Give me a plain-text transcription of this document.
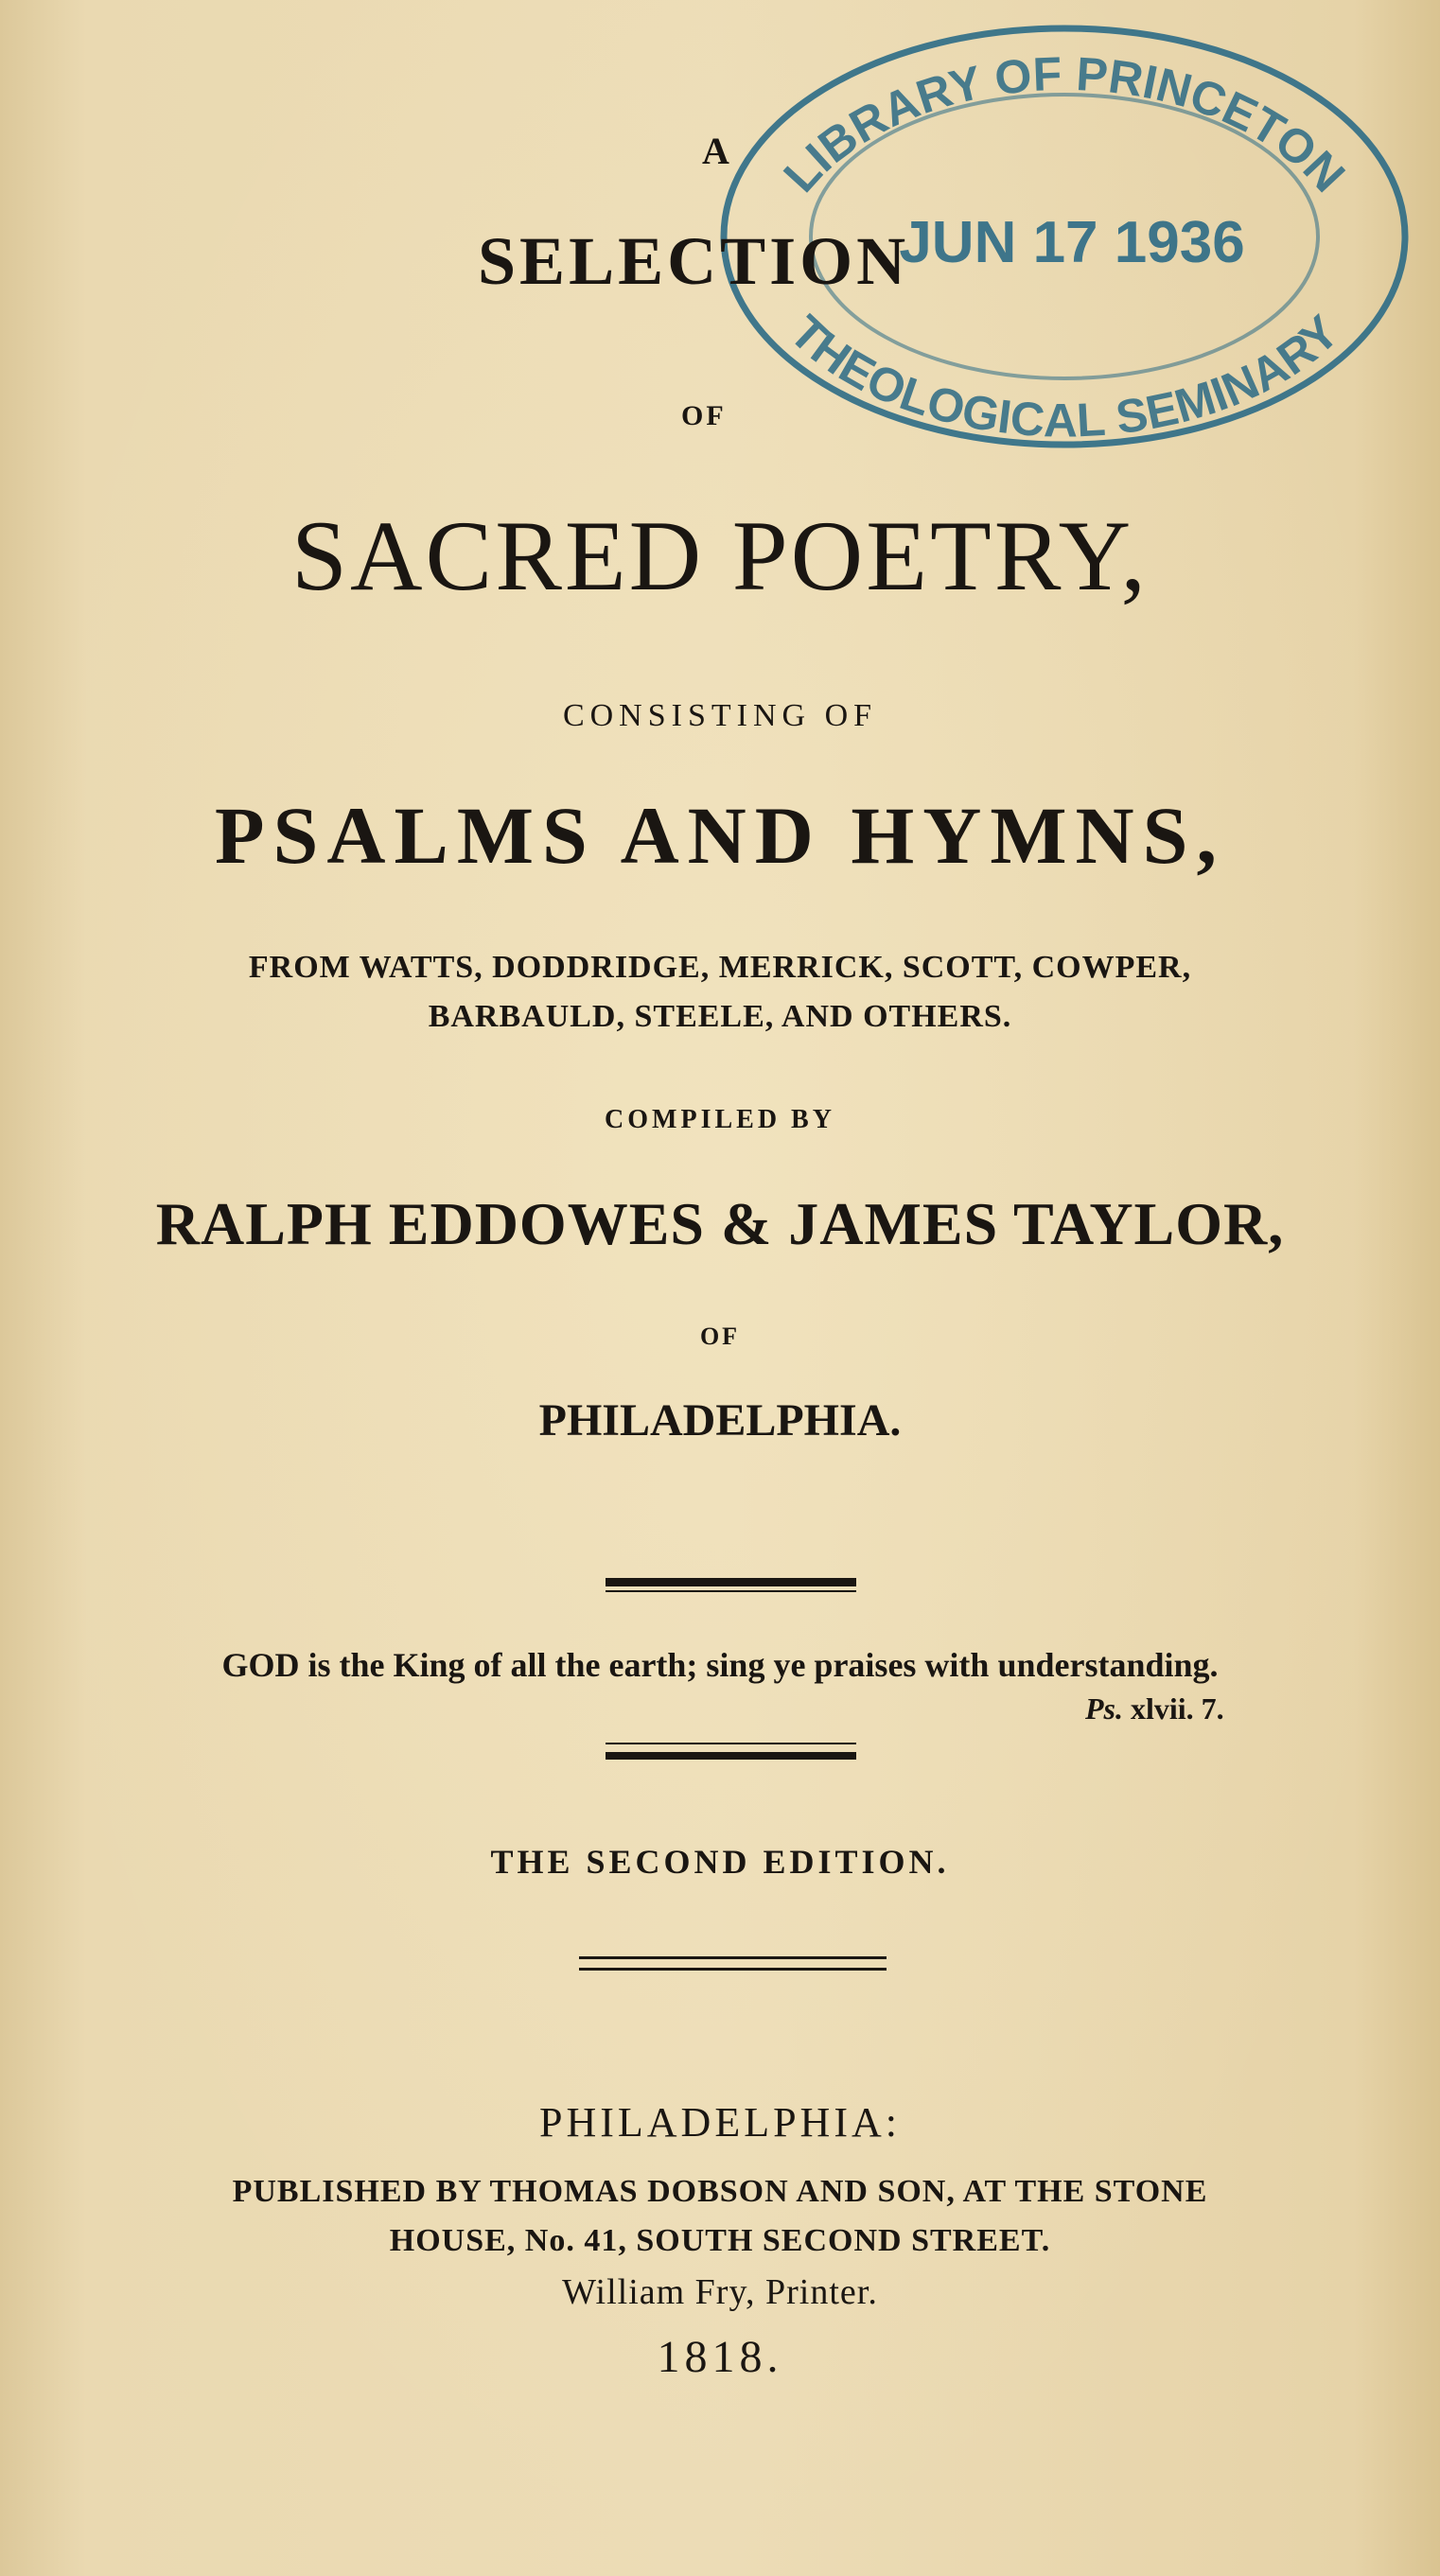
LIBRARY OF PRINCETON
THEOLOGICAL SEMINARY
JUN 17 1936
A
SELECTION
OF
SACRED POETRY,
CONSISTING OF
PSALMS AND HYMNS,
FROM WATTS, DODDRIDGE, MERRICK, SCOTT, COWPER,
BARBAULD, STEELE, AND OTHERS.
COMPILED BY
RALPH EDDOWES & JAMES TAYLOR,
OF
PHILADELPHIA.
GOD is the King of all the earth; sing ye praises with understanding.
Ps. xlvii. 7.
THE SECOND EDITION.
PHILADELPHIA:
PUBLISHED BY THOMAS DOBSON AND SON, AT THE STONE
HOUSE, No. 41, SOUTH SECOND STREET.
William Fry, Printer.
1818.
